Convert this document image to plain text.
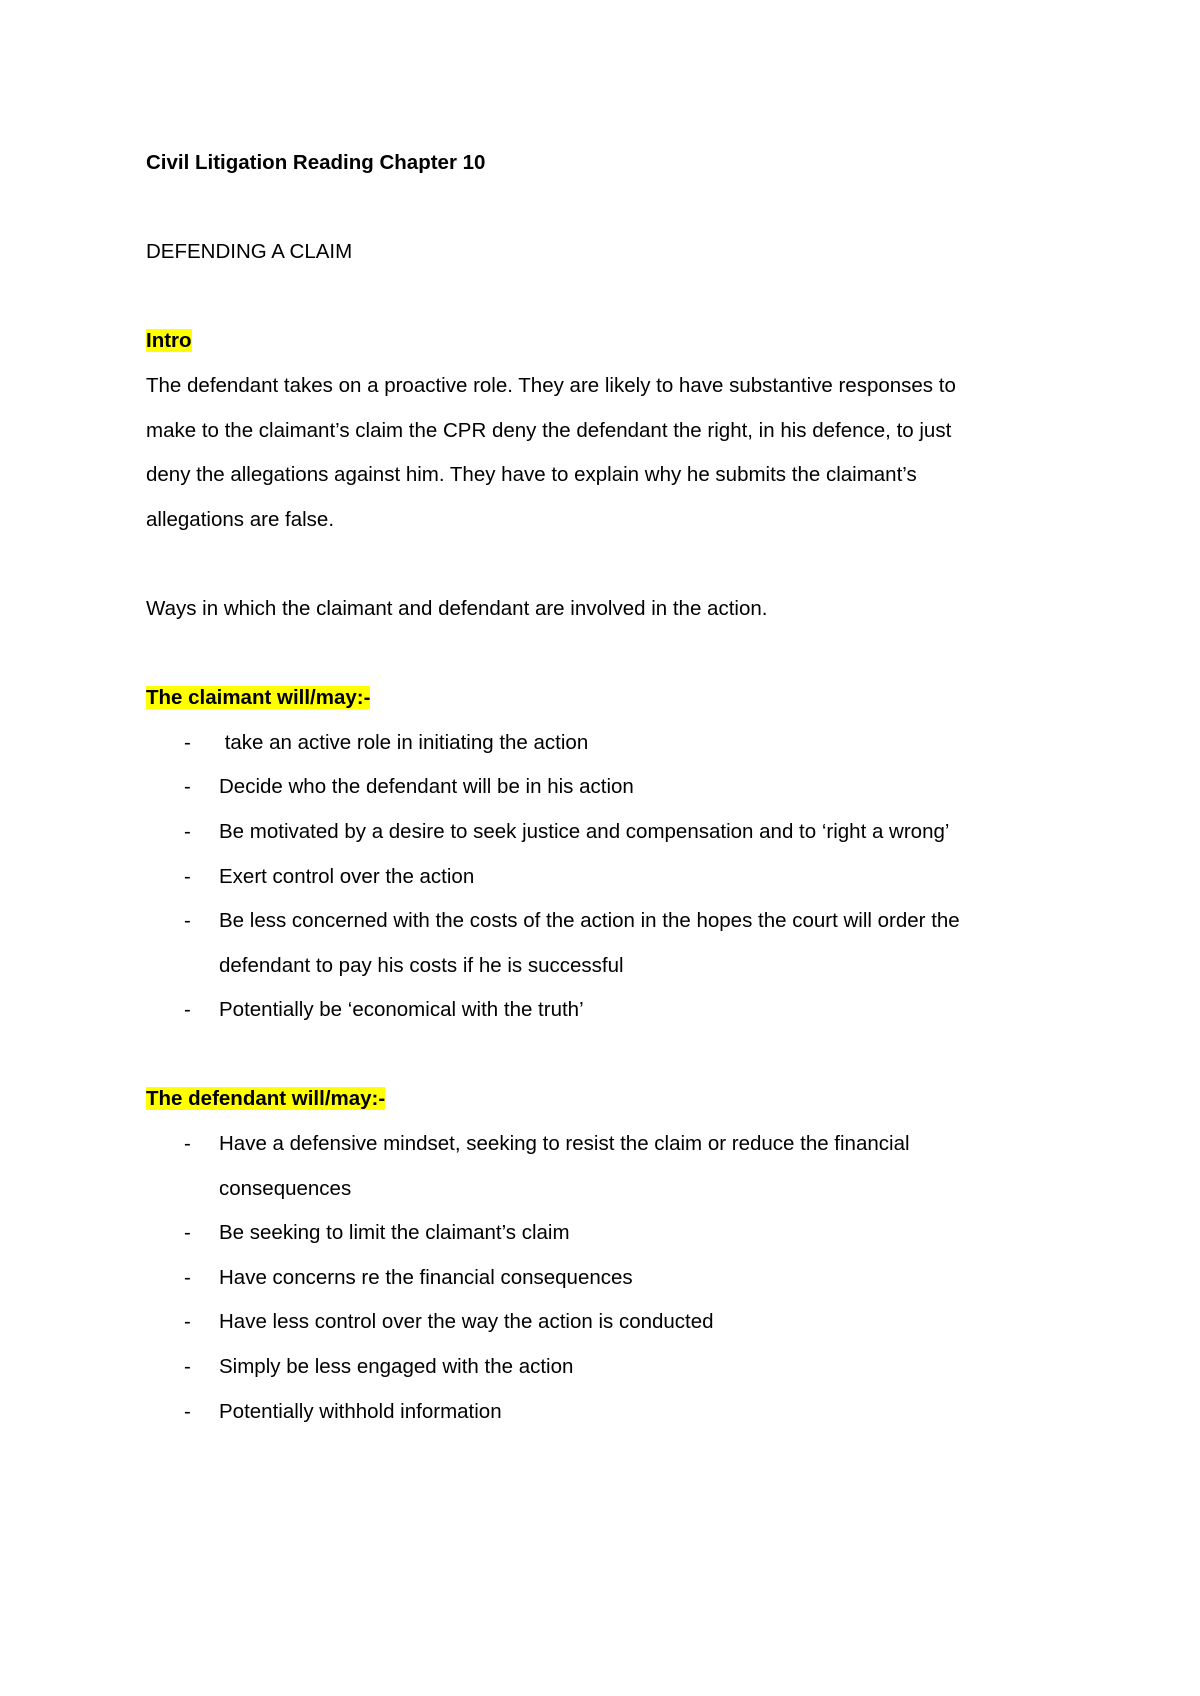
Civil Litigation Reading Chapter 10

DEFENDING A CLAIM

Intro

The defendant takes on a proactive role. They are likely to have substantive responses to

make to the claimant’s claim the CPR deny the defendant the right, in his defence, to just

deny the allegations against him. They have to explain why he submits the claimant’s

allegations are false.

Ways in which the claimant and defendant are involved in the action.

The claimant will/may:-

- take an active role in initiating the action
- Decide who the defendant will be in his action
- Be motivated by a desire to seek justice and compensation and to ‘right a wrong’
- Exert control over the action
- Be less concerned with the costs of the action in the hopes the court will order the
defendant to pay his costs if he is successful
- Potentially be ‘economical with the truth’

The defendant will/may:-

- Have a defensive mindset, seeking to resist the claim or reduce the financial
consequences
- Be seeking to limit the claimant’s claim
- Have concerns re the financial consequences
- Have less control over the way the action is conducted
- Simply be less engaged with the action
- Potentially withhold information
